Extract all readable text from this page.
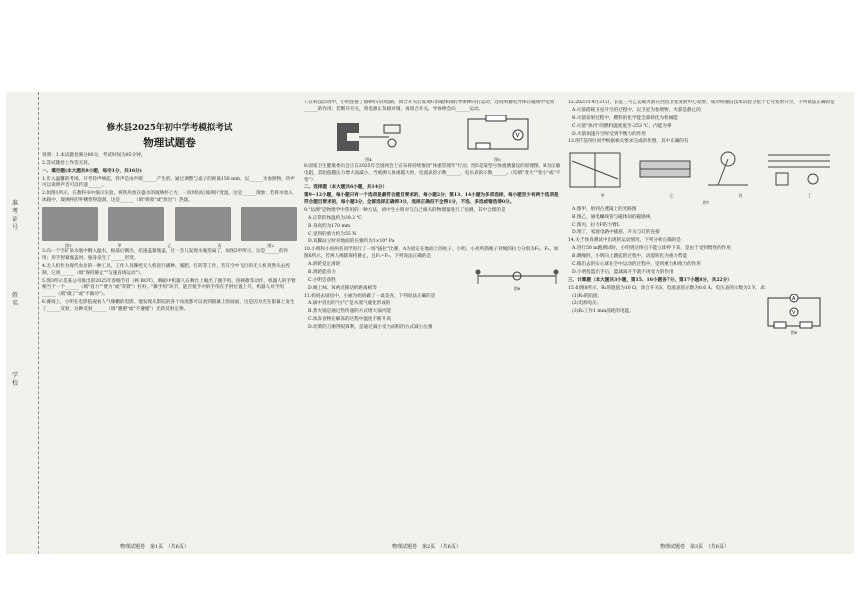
准考证号
姓名
学校
修水县2025年初中学考模拟考试
物理试题卷

说明：1.本试题卷满分80分，考试时间为85分钟。

2.答试题卷上作答无效。

一、填空题(本大题共8小题，每空1分，共16分)

1.步入温馨的考场，开考铃声响起，铃声是由声源______产生的。通过调整与桌子的距离150 mm、以______为参照物，铃声可以说明声音可以传递______。

2.如图1所示，在教科书中演示实验，将铁块放在盛水的玻璃杯上方，一段时间后玻璃片变湿，这是______现象；若将水放入冰箱中，玻璃杯的外侧变得湿润，这是______（填"吸收"或"放出"）热量。

图1	甲	乙	丙	图2

3.向一个空矿泉水瓶中倒入温水，振荡后倒出，迅速盖紧瓶盖，过一会儿发现水瓶变扁了，如图2甲所示，这是______的作用；用手捏紧瓶盖时，瓶身发生了______形变。

4.无人机作为现代农业的一种工具，工作人员操控无人机进行播种、施肥、打药等工作，若在空中飞行的无人机突然失去控制，它将______（填"保持静止""匀速直线运动"）。

5.图3所示是某公司推出的2025年春晚节目《秧 BOT》，舞蹈中机器人在舞台上做出了抛手绢、扭秧歌等动作，机器人的手臂相当于一个______（填"省力""费力"或"等臂"）杠杆，"舞手绢"环节，能否使手中的手绢在手肘位置上升，机器人对手绢______（填"做了"或"不做功"）。

6.赛场上，小明在电影院观看人气爆棚的电影，他发现从影院的各个角度都可以看到银幕上的画面，这是因为光在银幕上发生了______反射，这种反射______（填"遵循"或"不遵循"）光的反射定律。

物理试题卷　第1页　（共6页）

7.在科技活动中，小明连接了图4所示的电路，闭合开关后发现U形磁体间的导体棒向右运动，这说明通电导体在磁场中受到______的作用；若断开开关，将电源正负极对调，再闭合开关，导体棒会向______运动。

V
图4	图5

8.国家卫生健康委员会正在2025年全国两会上宣布将持续推进"体重管理年"行动，图5是某型号体重测量仪的原理图，R为压敏电阻，其阻值随压力增大而减小，当被测人体重越大时，电流表的示数______，电压表的示数______。（均填"变大""变小"或"不变"）

二、选择题（本大题共6小题，共14分）

第9~12小题，每小题只有一个选项是最符合题目要求的，每小题2分；第13、14小题为多项选择，每小题至少有两个选项是符合题目要求的，每小题3分，全部选择正确得3分，选择正确但不全得1分，不选、多选或错选得0分。

9."估测"是物理学中常用的一种方法，初中生小明对与自己相关的物理量进行了估测，其中合理的是

A.正常的体温约为39.2 ℃

B.身高约为170 mm

C.受到的重力约为55 N

D.双脚站立时对地面的压强约为1×10⁴ Pa

10.小明和小亮两名同学进行了一场"拔拉"比赛，A为固定在地面上的柱子，小明、小亮所抓绳子对绳的拉力分别为F₁、F₂，如图6所示，若两人绳都保持静止，且F₁=F₂，下列说法正确的是

A.滑轮是定滑轮

B.滑轮能省力

C.小明会获胜

D.绳上M、N两点移动的距离相等	图6

11.妈妈去厨房中，小丽为妈妈做了一桌美食，下列说法正确的是

A.锅中冒出的"白气"是水蒸气液化形成的

B.煮火锅是通过热传递的方式增大锅内能

C.冰冻食物在解冻的过程中温度不断升高

D.切菜的刀磨得很锋利，是通过减小受力面积的方式减小压强

物理试题卷　第2页　（共6页）

12.2025年4月21日，长征三号乙运载火箭在西昌卫星发射中心发射，成功将通信技术试验卫星十七号发射升空，下列说法正确的是

A.火箭搭载卫星升空的过程中，以卫星为参照物，火箭是静止的

B.火箭发射过程中，燃料的化学能全部转化为机械能

C.火箭"体内"的燃料温度低至-253 ℃，内能为零

D.火箭加速升空时受到平衡力的作用

13.图7是四位同学根据相关要求完成的作图，其中正确的有

甲	乙	丙	丁
图7

A.图甲，射到凸透镜上的光路图

B.图乙，通电螺线管与磁体间的磁感线

C.图丙，拉力F的力臂L

D.图丁，家庭电路中插座、开关与灯的连接

14.关于体育测试中出现的运动情况，下列分析正确的是

A.进行50 m跑测试时，小明到达终点不能立即停下来，是由于受到惯性的作用

B.跳绳时，小明向上跳起的过程中，动能转化为重力势能

C.掷出去的实心球在空中运动的过程中，受到重力和推力的作用

D.小明投篮出手后，篮球离开手就不再受力的作用

三、计算题（本大题共3小题，第15、16小题各7分，第17小题8分，共22分）

15.如图8所示，R₁的阻值为10 Ω，闭合开关S，电流表的示数为0.6 A，电压表的示数为3 V，求：

(1)R₂的阻值；

(2)电源电压；

(3)R₂工作1 min消耗的电能。

A
V
图8
物理试题卷　第3页　（共6页）
